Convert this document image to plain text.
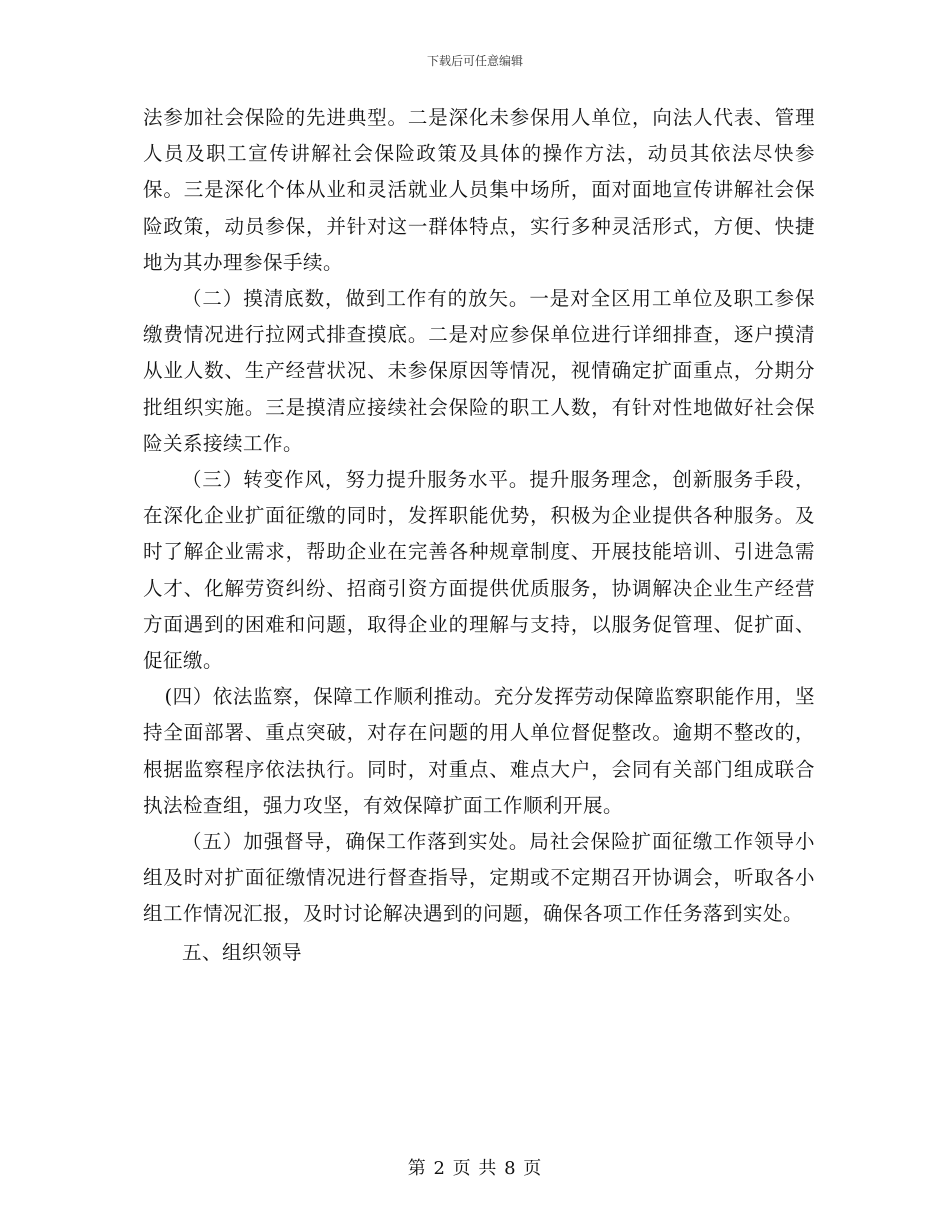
下载后可任意编辑

法参加社会保险的先进典型。二是深化未参保用人单位，向法人代表、管理人员及职工宣传讲解社会保险政策及具体的操作方法，动员其依法尽快参保。三是深化个体从业和灵活就业人员集中场所，面对面地宣传讲解社会保险政策，动员参保，并针对这一群体特点，实行多种灵活形式，方便、快捷地为其办理参保手续。

（二）摸清底数，做到工作有的放矢。一是对全区用工单位及职工参保缴费情况进行拉网式排查摸底。二是对应参保单位进行详细排查，逐户摸清从业人数、生产经营状况、未参保原因等情况，视情确定扩面重点，分期分批组织实施。三是摸清应接续社会保险的职工人数，有针对性地做好社会保险关系接续工作。

（三）转变作风，努力提升服务水平。提升服务理念，创新服务手段，在深化企业扩面征缴的同时，发挥职能优势，积极为企业提供各种服务。及时了解企业需求，帮助企业在完善各种规章制度、开展技能培训、引进急需人才、化解劳资纠纷、招商引资方面提供优质服务，协调解决企业生产经营方面遇到的困难和问题，取得企业的理解与支持，以服务促管理、促扩面、促征缴。

(四）依法监察，保障工作顺利推动。充分发挥劳动保障监察职能作用，坚持全面部署、重点突破，对存在问题的用人单位督促整改。逾期不整改的，根据监察程序依法执行。同时，对重点、难点大户，会同有关部门组成联合执法检查组，强力攻坚，有效保障扩面工作顺利开展。

（五）加强督导，确保工作落到实处。局社会保险扩面征缴工作领导小组及时对扩面征缴情况进行督查指导，定期或不定期召开协调会，听取各小组工作情况汇报，及时讨论解决遇到的问题，确保各项工作任务落到实处。

五、组织领导

第 2 页 共 8 页
